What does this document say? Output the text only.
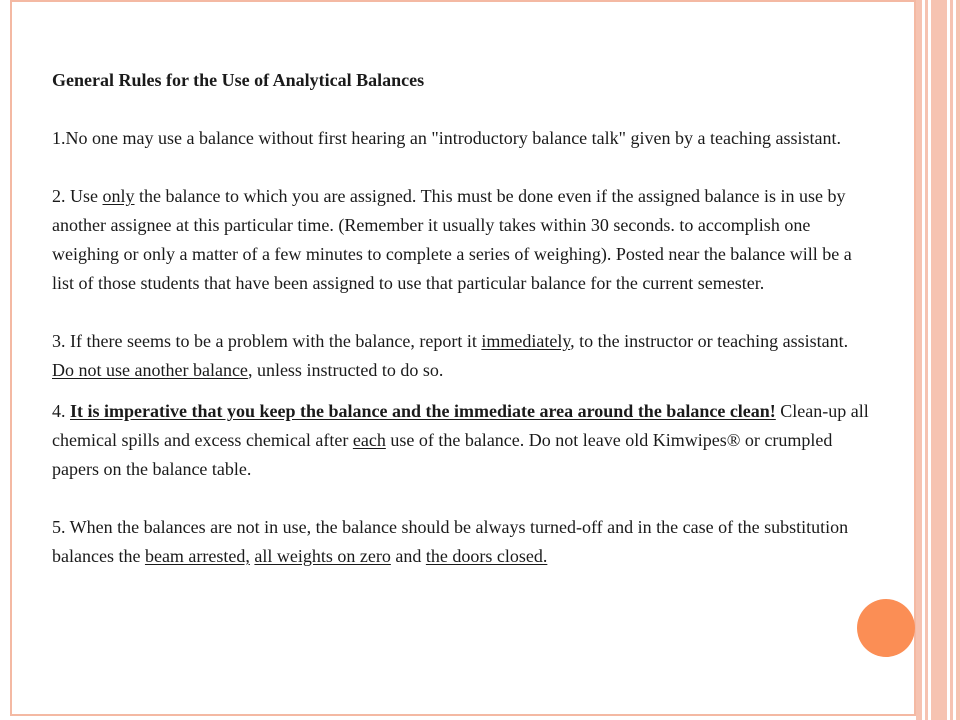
General Rules for the Use of Analytical Balances

1.No one may use a balance without first hearing an "introductory balance talk" given by a teaching assistant.

2. Use only the balance to which you are assigned. This must be done even if the assigned balance is in use by another assignee at this particular time. (Remember it usually takes within 30 seconds. to accomplish one weighing or only a matter of a few minutes to complete a series of weighing). Posted near the balance will be a list of those students that have been assigned to use that particular balance for the current semester.

3. If there seems to be a problem with the balance, report it immediately, to the instructor or teaching assistant. Do not use another balance, unless instructed to do so.

4. It is imperative that you keep the balance and the immediate area around the balance clean! Clean-up all chemical spills and excess chemical after each use of the balance. Do not leave old Kimwipes® or crumpled papers on the balance table.

5. When the balances are not in use, the balance should be always turned-off and in the case of the substitution balances the beam arrested, all weights on zero and the doors closed.
